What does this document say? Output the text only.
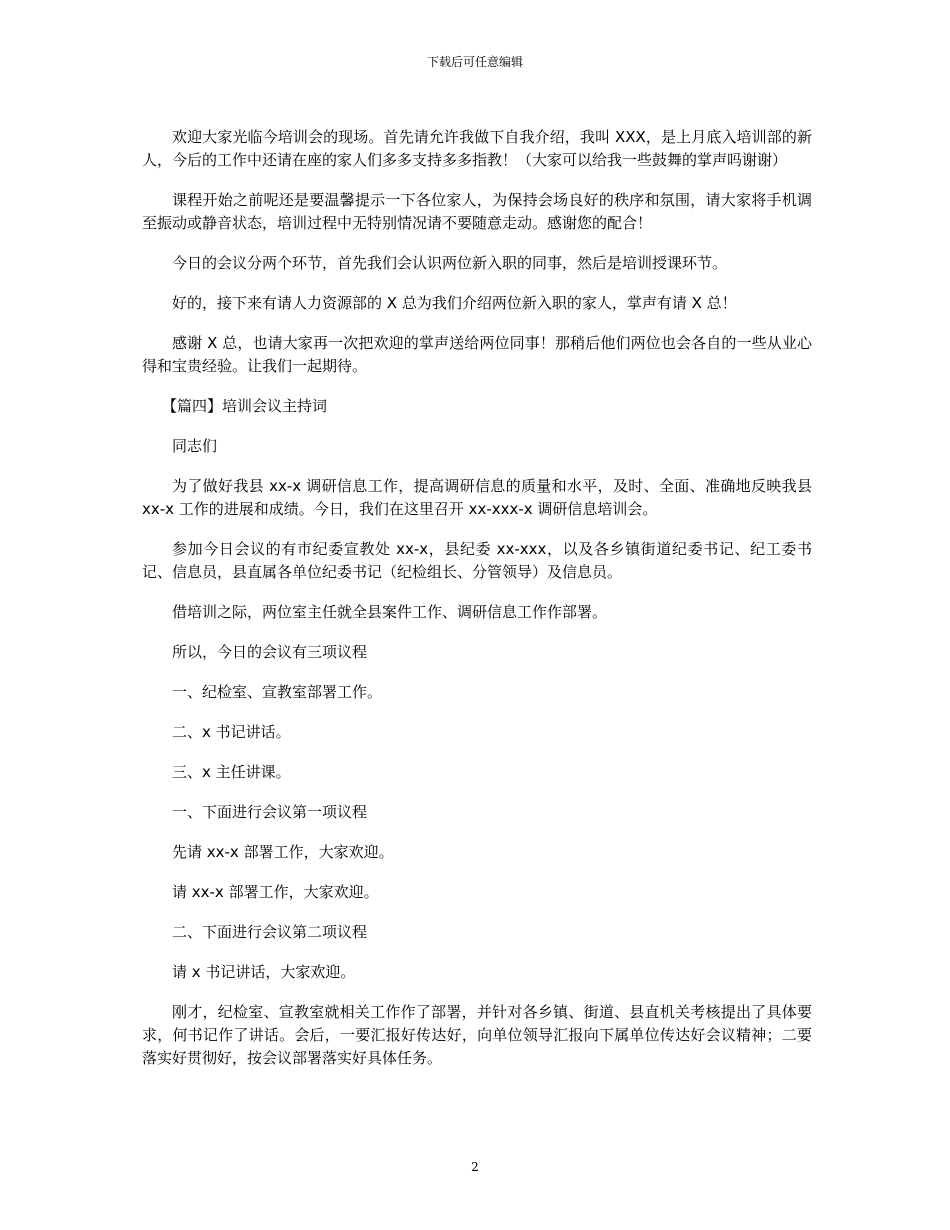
下载后可任意编辑

欢迎大家光临今培训会的现场。首先请允许我做下自我介绍，我叫 XXX，是上月底入培训部的新人，今后的工作中还请在座的家人们多多支持多多指教！（大家可以给我一些鼓舞的掌声吗谢谢）

课程开始之前呢还是要温馨提示一下各位家人，为保持会场良好的秩序和氛围，请大家将手机调至振动或静音状态，培训过程中无特别情况请不要随意走动。感谢您的配合！

今日的会议分两个环节，首先我们会认识两位新入职的同事，然后是培训授课环节。

好的，接下来有请人力资源部的 X 总为我们介绍两位新入职的家人，掌声有请 X 总！

感谢 X 总，也请大家再一次把欢迎的掌声送给两位同事！那稍后他们两位也会各自的一些从业心得和宝贵经验。让我们一起期待。

【篇四】培训会议主持词

同志们

为了做好我县 xx-x 调研信息工作，提高调研信息的质量和水平，及时、全面、准确地反映我县 xx-x 工作的进展和成绩。今日，我们在这里召开 xx-xxx-x 调研信息培训会。

参加今日会议的有市纪委宣教处 xx-x，县纪委 xx-xxx，以及各乡镇街道纪委书记、纪工委书记、信息员，县直属各单位纪委书记（纪检组长、分管领导）及信息员。

借培训之际，两位室主任就全县案件工作、调研信息工作作部署。

所以，今日的会议有三项议程

一、纪检室、宣教室部署工作。

二、x 书记讲话。

三、x 主任讲课。

一、下面进行会议第一项议程

先请 xx-x 部署工作，大家欢迎。

请 xx-x 部署工作，大家欢迎。

二、下面进行会议第二项议程

请 x 书记讲话，大家欢迎。

刚才，纪检室、宣教室就相关工作作了部署，并针对各乡镇、街道、县直机关考核提出了具体要求，何书记作了讲话。会后，一要汇报好传达好，向单位领导汇报向下属单位传达好会议精神；二要落实好贯彻好，按会议部署落实好具体任务。

2
